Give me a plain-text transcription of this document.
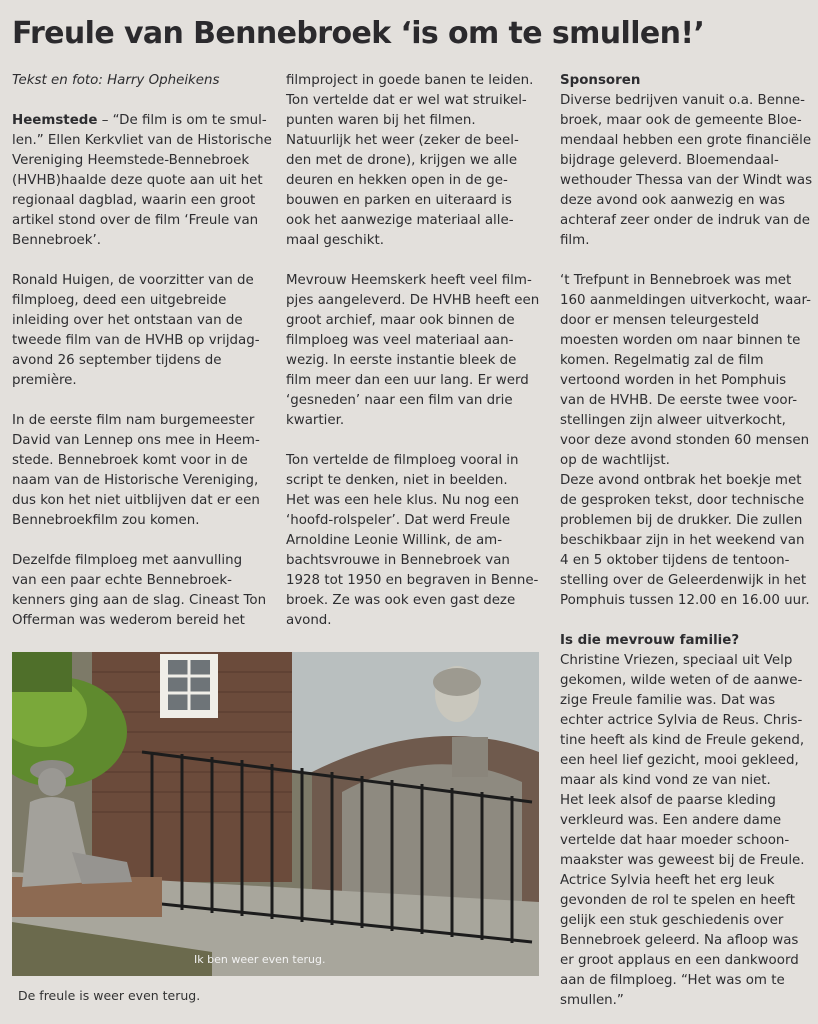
Freule van Bennebroek ‘is om te smullen!’

Tekst en foto: Harry Opheikens

Heemstede – “De film is om te smul-
len.” Ellen Kerkvliet van de Historische
Vereniging Heemstede-Bennebroek
(HVHB)haalde deze quote aan uit het
regionaal dagblad, waarin een groot
artikel stond over de film ‘Freule van
Bennebroek’.

Ronald Huigen, de voorzitter van de
filmploeg, deed een uitgebreide
inleiding over het ontstaan van de
tweede film van de HVHB op vrijdag-
avond 26 september tijdens de
première.

In de eerste film nam burgemeester
David van Lennep ons mee in Heem-
stede. Bennebroek komt voor in de
naam van de Historische Vereniging,
dus kon het niet uitblijven dat er een
Bennebroekfilm zou komen.

Dezelfde filmploeg met aanvulling
van een paar echte Bennebroek-
kenners ging aan de slag. Cineast Ton
Offerman was wederom bereid het

filmproject in goede banen te leiden.
Ton vertelde dat er wel wat struikel-
punten waren bij het filmen.
Natuurlijk het weer (zeker de beel-
den met de drone), krijgen we alle
deuren en hekken open in de ge-
bouwen en parken en uiteraard is
ook het aanwezige materiaal alle-
maal geschikt.

Mevrouw Heemskerk heeft veel film-
pjes aangeleverd. De HVHB heeft een
groot archief, maar ook binnen de
filmploeg was veel materiaal aan-
wezig. In eerste instantie bleek de
film meer dan een uur lang. Er werd
‘gesneden’ naar een film van drie
kwartier.

Ton vertelde de filmploeg vooral in
script te denken, niet in beelden.
Het was een hele klus. Nu nog een
‘hoofd-rolspeler’. Dat werd Freule
Arnoldine Leonie Willink, de am-
bachtsvrouwe in Bennebroek van
1928 tot 1950 en begraven in Benne-
broek. Ze was ook even gast deze
avond.

Sponsoren
Diverse bedrijven vanuit o.a. Benne-
broek, maar ook de gemeente Bloe-
mendaal hebben een grote financiële
bijdrage geleverd. Bloemendaal-
wethouder Thessa van der Windt was
deze avond ook aanwezig en was
achteraf zeer onder de indruk van de
film.

‘t Trefpunt in Bennebroek was met
160 aanmeldingen uitverkocht, waar-
door er mensen teleurgesteld
moesten worden om naar binnen te
komen. Regelmatig zal de film
vertoond worden in het Pomphuis
van de HVHB. De eerste twee voor-
stellingen zijn alweer uitverkocht,
voor deze avond stonden 60 mensen
op de wachtlijst.
Deze avond ontbrak het boekje met
de gesproken tekst, door technische
problemen bij de drukker. Die zullen
beschikbaar zijn in het weekend van
4 en 5 oktober tijdens de tentoon-
stelling over de Geleerdenwijk in het
Pomphuis tussen 12.00 en 16.00 uur.

Is die mevrouw familie?
Christine Vriezen, speciaal uit Velp
gekomen, wilde weten of de aanwe-
zige Freule familie was. Dat was
echter actrice Sylvia de Reus. Chris-
tine heeft als kind de Freule gekend,
een heel lief gezicht, mooi gekleed,
maar als kind vond ze van niet.
Het leek alsof de paarse kleding
verkleurd was. Een andere dame
vertelde dat haar moeder schoon-
maakster was geweest bij de Freule.
Actrice Sylvia heeft het erg leuk
gevonden de rol te spelen en heeft
gelijk een stuk geschiedenis over
Bennebroek geleerd. Na afloop was
er groot applaus en een dankwoord
aan de filmploeg. “Het was om te
smullen.”

Ik ben weer even terug.
De freule is weer even terug.
